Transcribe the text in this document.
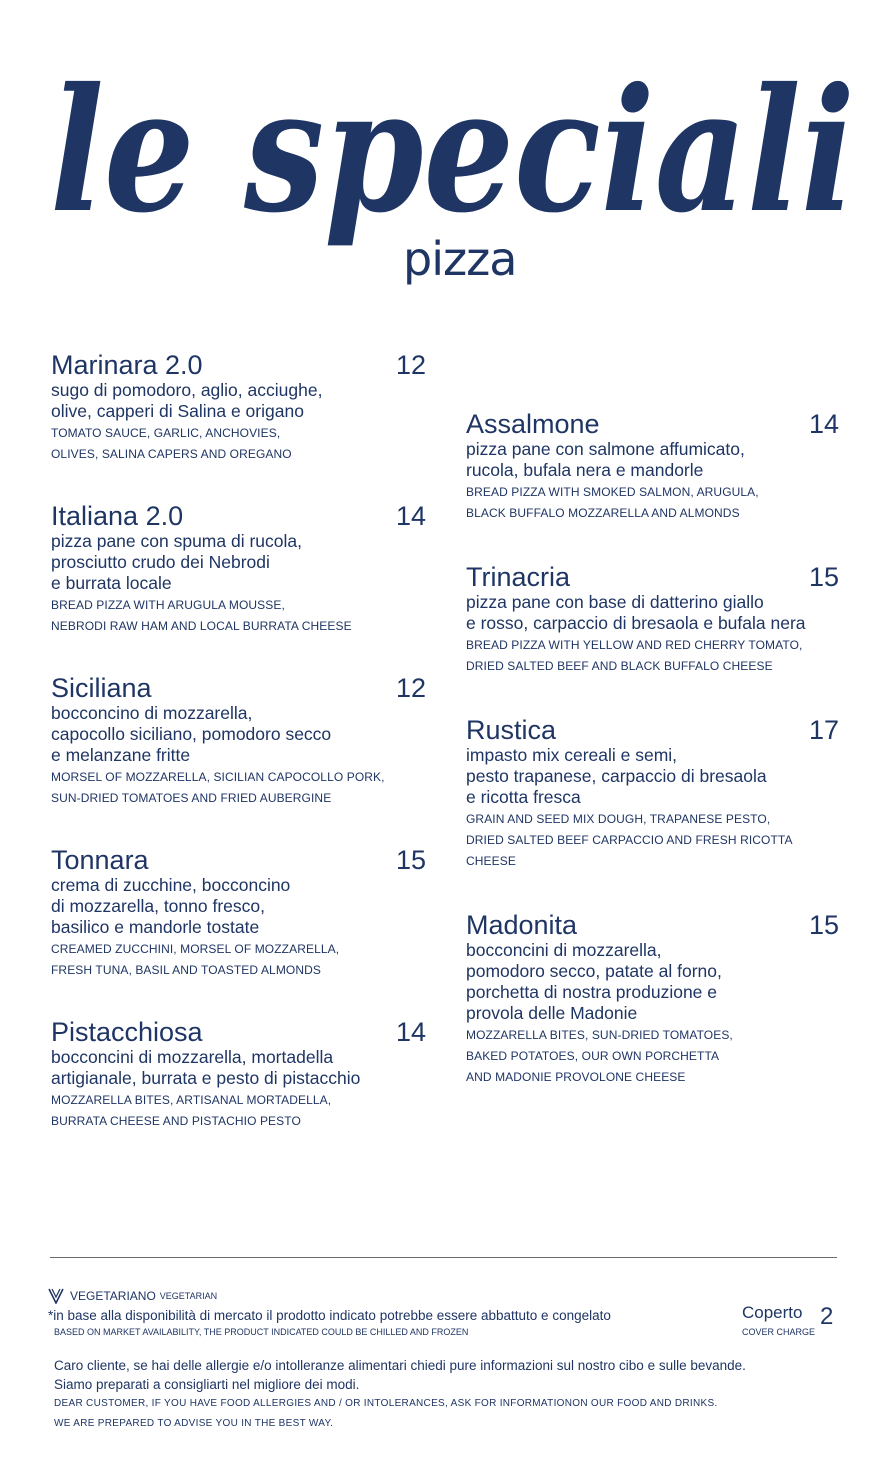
le speciali
pizza
Marinara 2.0	12
sugo di pomodoro, aglio, acciughe,
olive, capperi di Salina e origano
TOMATO SAUCE, GARLIC, ANCHOVIES,
OLIVES, SALINA CAPERS AND OREGANO
Italiana 2.0	14
pizza pane con spuma di rucola,
prosciutto crudo dei Nebrodi
e burrata locale
BREAD PIZZA WITH ARUGULA MOUSSE,
NEBRODI RAW HAM AND LOCAL BURRATA CHEESE
Siciliana	12
bocconcino di mozzarella,
capocollo siciliano, pomodoro secco
e melanzane fritte
MORSEL OF MOZZARELLA, SICILIAN CAPOCOLLO PORK,
SUN-DRIED TOMATOES AND FRIED AUBERGINE
Tonnara	15
crema di zucchine, bocconcino
di mozzarella, tonno fresco,
basilico e mandorle tostate
CREAMED ZUCCHINI, MORSEL OF MOZZARELLA,
FRESH TUNA, BASIL AND TOASTED ALMONDS
Pistacchiosa	14
bocconcini di mozzarella, mortadella
artigianale, burrata e pesto di pistacchio
MOZZARELLA BITES, ARTISANAL MORTADELLA,
BURRATA CHEESE AND PISTACHIO PESTO
Assalmone	14
pizza pane con salmone affumicato,
rucola, bufala nera e mandorle
BREAD PIZZA WITH SMOKED SALMON, ARUGULA,
BLACK BUFFALO MOZZARELLA AND ALMONDS
Trinacria	15
pizza pane con base di datterino giallo
e rosso, carpaccio di bresaola e bufala nera
BREAD PIZZA WITH YELLOW AND RED CHERRY TOMATO,
DRIED SALTED BEEF AND BLACK BUFFALO CHEESE
Rustica	17
impasto mix cereali e semi,
pesto trapanese, carpaccio di bresaola
e ricotta fresca
GRAIN AND SEED MIX DOUGH, TRAPANESE PESTO,
DRIED SALTED BEEF CARPACCIO AND FRESH RICOTTA CHEESE
Madonita	15
bocconcini di mozzarella,
pomodoro secco, patate al forno,
porchetta di nostra produzione e
provola delle Madonie
MOZZARELLA BITES, SUN-DRIED TOMATOES,
BAKED POTATOES, OUR OWN PORCHETTA
AND MADONIE PROVOLONE CHEESE
VEGETARIANO VEGETARIAN
*in base alla disponibilità di mercato il prodotto indicato potrebbe essere abbattuto e congelato
BASED ON MARKET AVAILABILITY, THE PRODUCT INDICATED COULD BE CHILLED AND FROZEN
Coperto
COVER CHARGE
2

Caro cliente, se hai delle allergie e/o intolleranze alimentari chiedi pure informazioni sul nostro cibo e sulle bevande.

Siamo preparati a consigliarti nel migliore dei modi.

DEAR CUSTOMER, IF YOU HAVE FOOD ALLERGIES AND / OR INTOLERANCES, ASK FOR INFORMATIONON OUR FOOD AND DRINKS.

WE ARE PREPARED TO ADVISE YOU IN THE BEST WAY.
